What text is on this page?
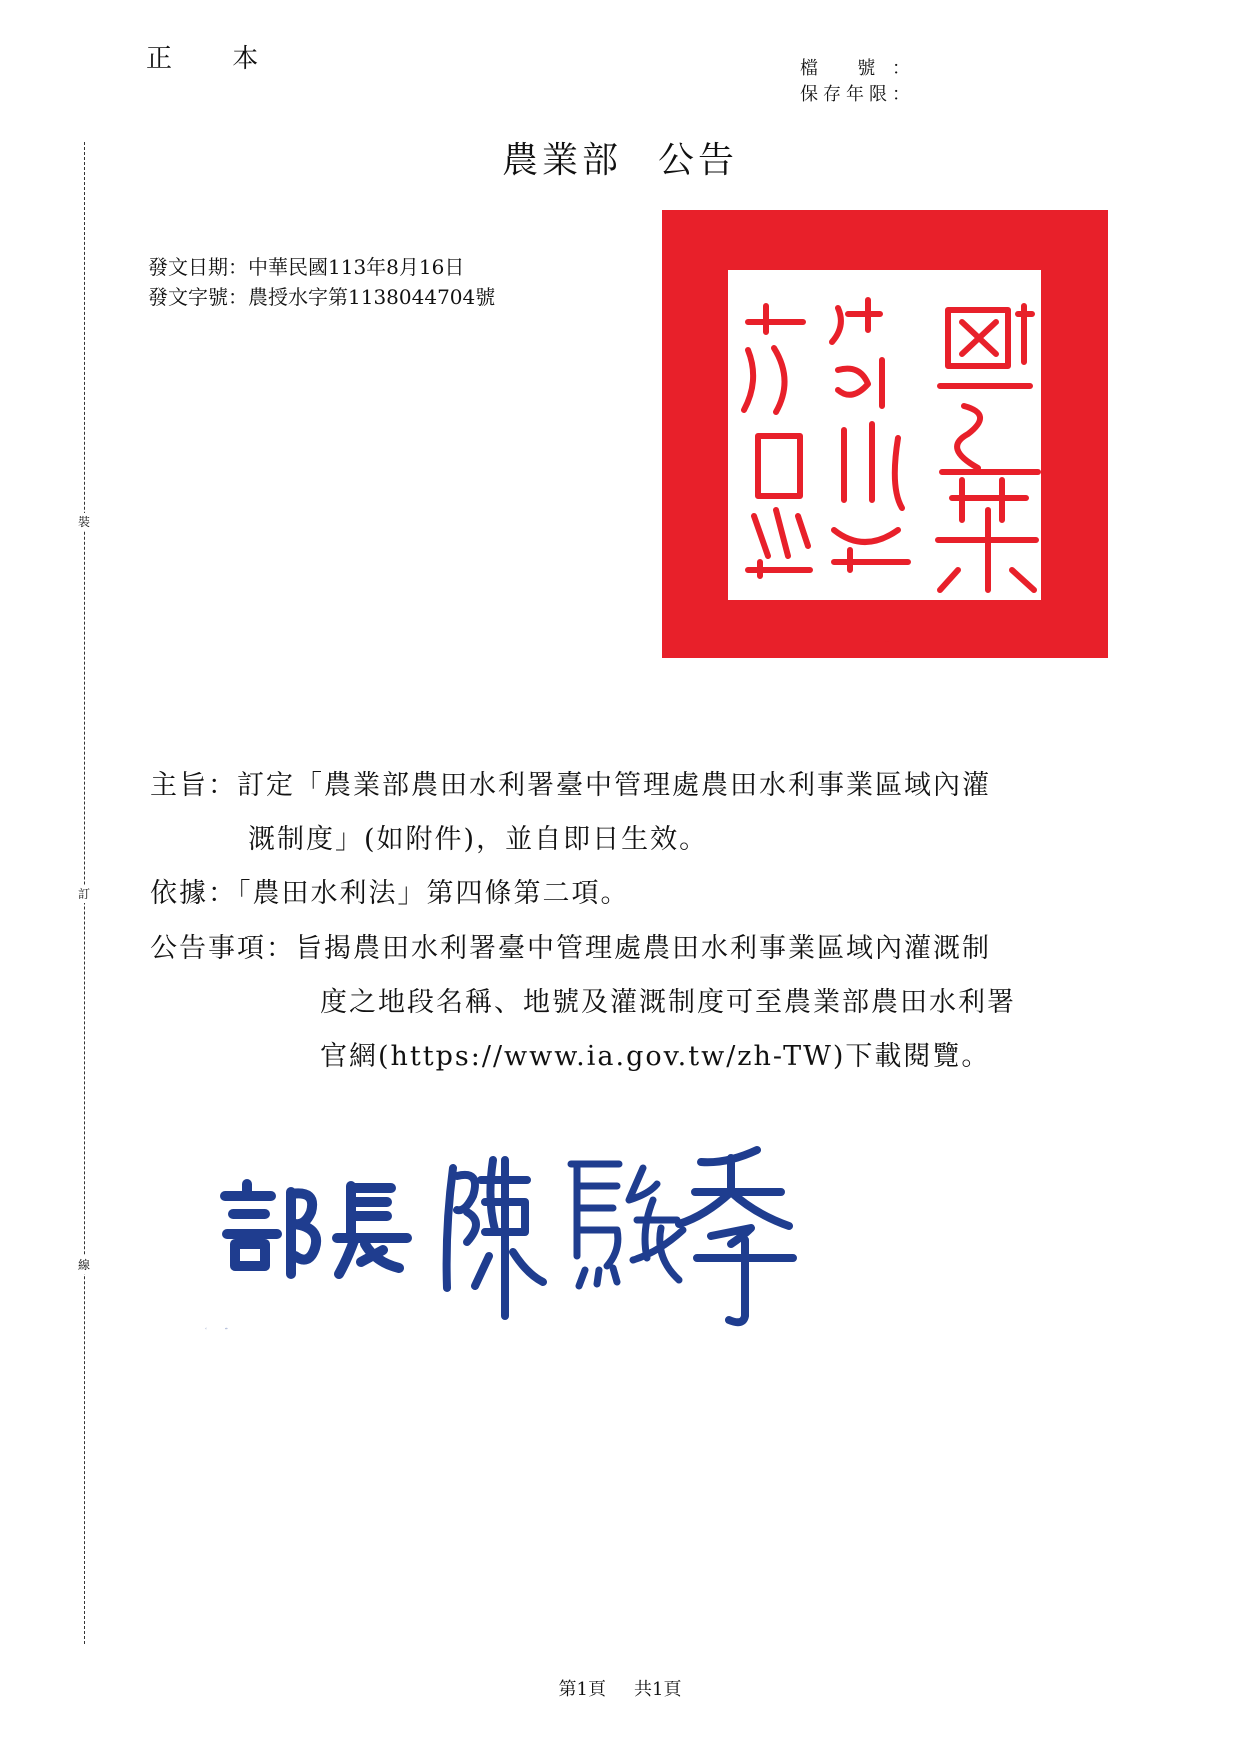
正 本	檔 號：
保存年限：
裝
訂
線
農業部 公告
發文日期：中華民國113年8月16日
發文字號：農授水字第1138044704號
農業部印
主旨：訂定「農業部農田水利署臺中管理處農田水利事業區域內灌
溉制度」(如附件)，並自即日生效。
依據：「農田水利法」第四條第二項。
公告事項：旨揭農田水利署臺中管理處農田水利事業區域內灌溉制
度之地段名稱、地號及灌溉制度可至農業部農田水利署
官網(https://www.ia.gov.tw/zh-TW)下載閱覽。
部長	陳駿季
第1頁 共1頁
